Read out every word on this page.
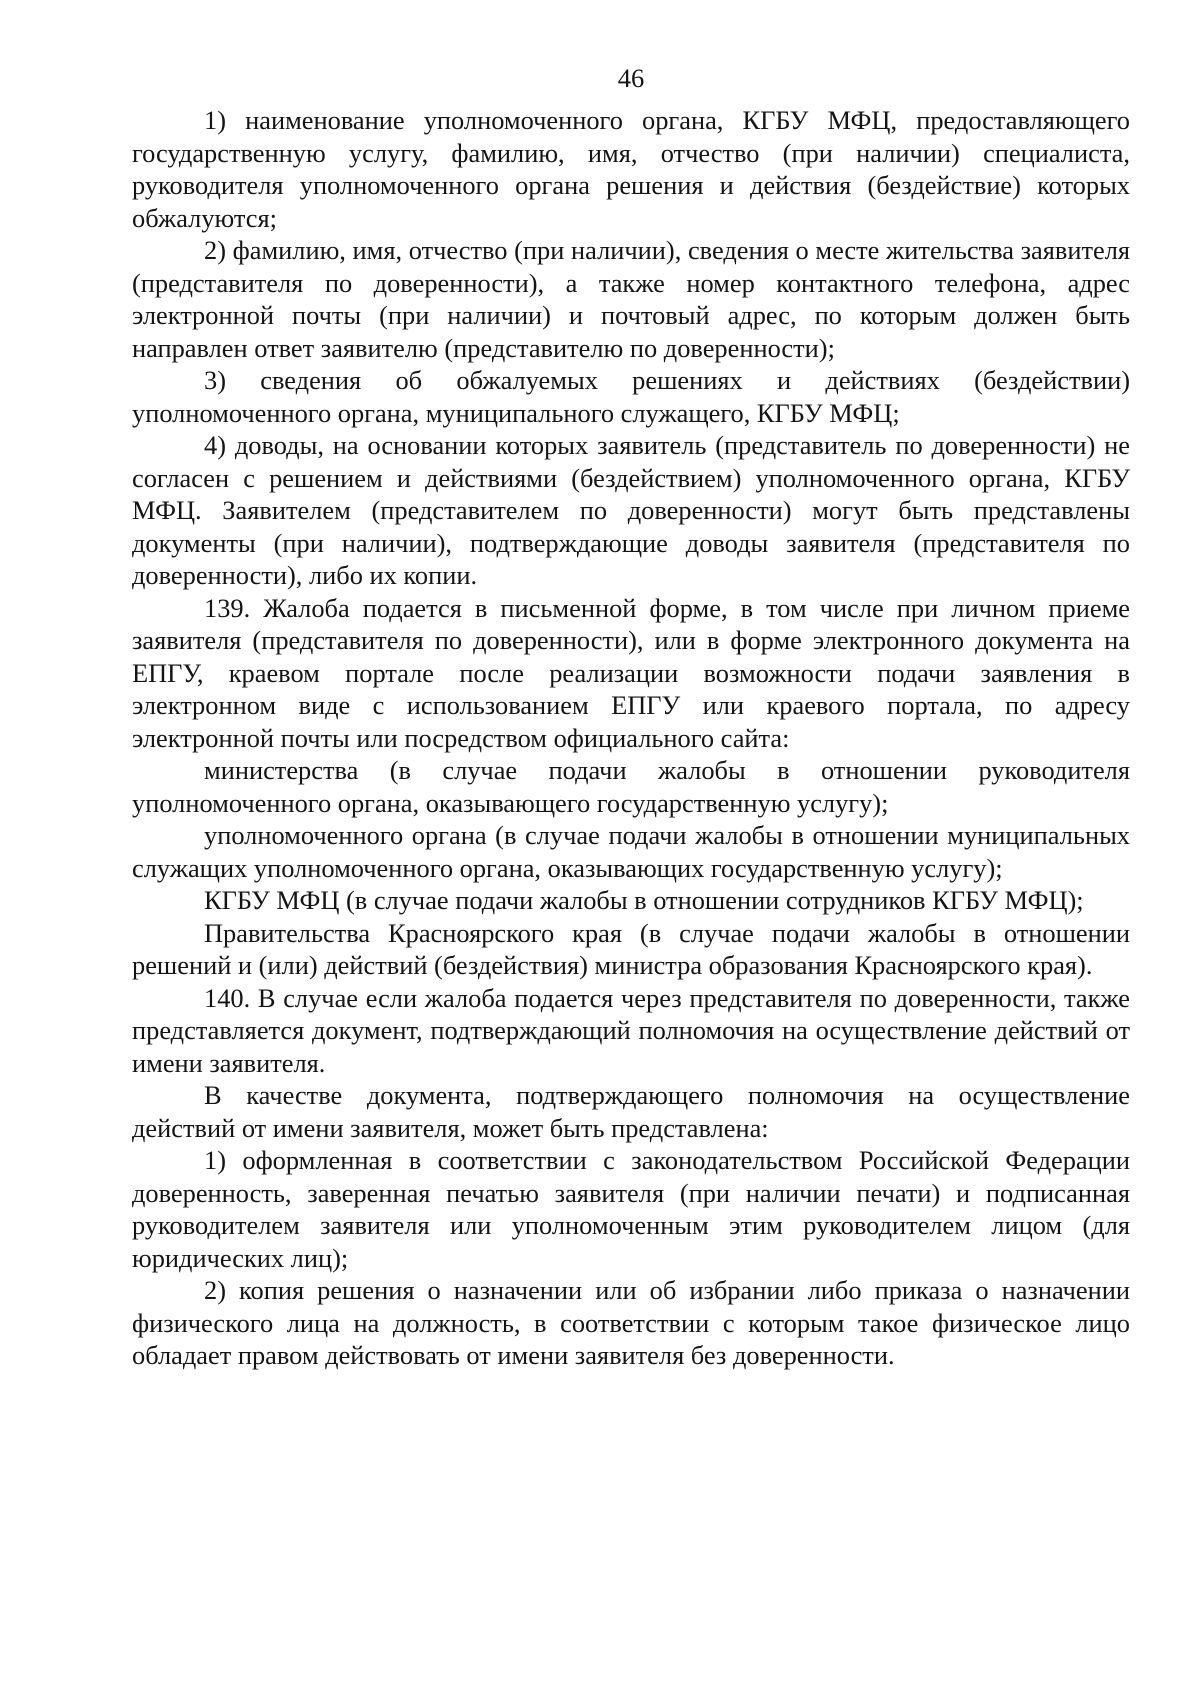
46

1) наименование уполномоченного органа, КГБУ МФЦ, предоставляющего государственную услугу, фамилию, имя, отчество (при наличии) специалиста, руководителя уполномоченного органа решения и действия (бездействие) которых обжалуются;

2) фамилию, имя, отчество (при наличии), сведения о месте жительства заявителя (представителя по доверенности), а также номер контактного телефона, адрес электронной почты (при наличии) и почтовый адрес, по которым должен быть направлен ответ заявителю (представителю по доверенности);

3) сведения об обжалуемых решениях и действиях (бездействии) уполномоченного органа, муниципального служащего, КГБУ МФЦ;

4) доводы, на основании которых заявитель (представитель по доверенности) не согласен с решением и действиями (бездействием) уполномоченного органа, КГБУ МФЦ. Заявителем (представителем по доверенности) могут быть представлены документы (при наличии), подтверждающие доводы заявителя (представителя по доверенности), либо их копии.

139. Жалоба подается в письменной форме, в том числе при личном приеме заявителя (представителя по доверенности), или в форме электронного документа на ЕПГУ, краевом портале после реализации возможности подачи заявления в электронном виде с использованием ЕПГУ или краевого портала, по адресу электронной почты или посредством официального сайта:

министерства (в случае подачи жалобы в отношении руководителя уполномоченного органа, оказывающего государственную услугу);

уполномоченного органа (в случае подачи жалобы в отношении муниципальных служащих уполномоченного органа, оказывающих государственную услугу);

КГБУ МФЦ (в случае подачи жалобы в отношении сотрудников КГБУ МФЦ);

Правительства Красноярского края (в случае подачи жалобы в отношении решений и (или) действий (бездействия) министра образования Красноярского края).

140. В случае если жалоба подается через представителя по доверенности, также представляется документ, подтверждающий полномочия на осуществление действий от имени заявителя.

В качестве документа, подтверждающего полномочия на осуществление действий от имени заявителя, может быть представлена:

1) оформленная в соответствии с законодательством Российской Федерации доверенность, заверенная печатью заявителя (при наличии печати) и подписанная руководителем заявителя или уполномоченным этим руководителем лицом (для юридических лиц);

2) копия решения о назначении или об избрании либо приказа о назначении физического лица на должность, в соответствии с которым такое физическое лицо обладает правом действовать от имени заявителя без доверенности.
